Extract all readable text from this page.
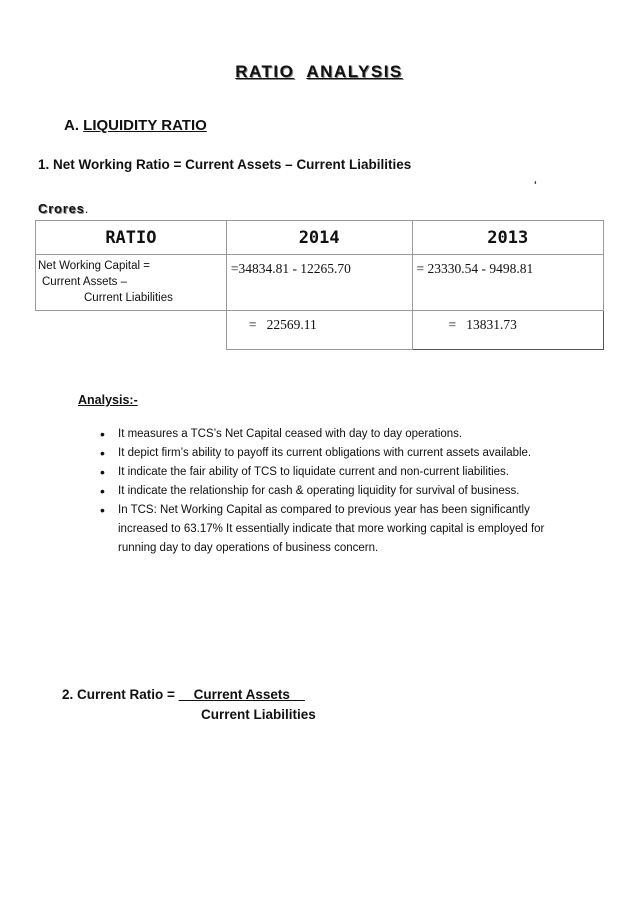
RATIO ANALYSIS
A. LIQUIDITY RATIO
1. Net Working Ratio = Current Assets – Current Liabilities
‘
Crores.
RATIO	2014	2013

Net Working Capital =
Current Assets –
Current Liabilities	=34834.81 - 12265.70	= 23330.54 - 9498.81
	=   22569.11	=   13831.73
Analysis:-
• It measures a TCS’s Net Capital ceased with day to day operations.
• It depict firm’s ability to payoff its current obligations with current assets available.
• It indicate the fair ability of TCS to liquidate current and non-current liabilities.
• It indicate the relationship for cash & operating liquidity for survival of business.
• In TCS: Net Working Capital as compared to previous year has been significantly increased to 63.17% It essentially indicate that more working capital is employed for running day to day operations of business concern.
2. Current Ratio =     Current Assets
Current Liabilities
